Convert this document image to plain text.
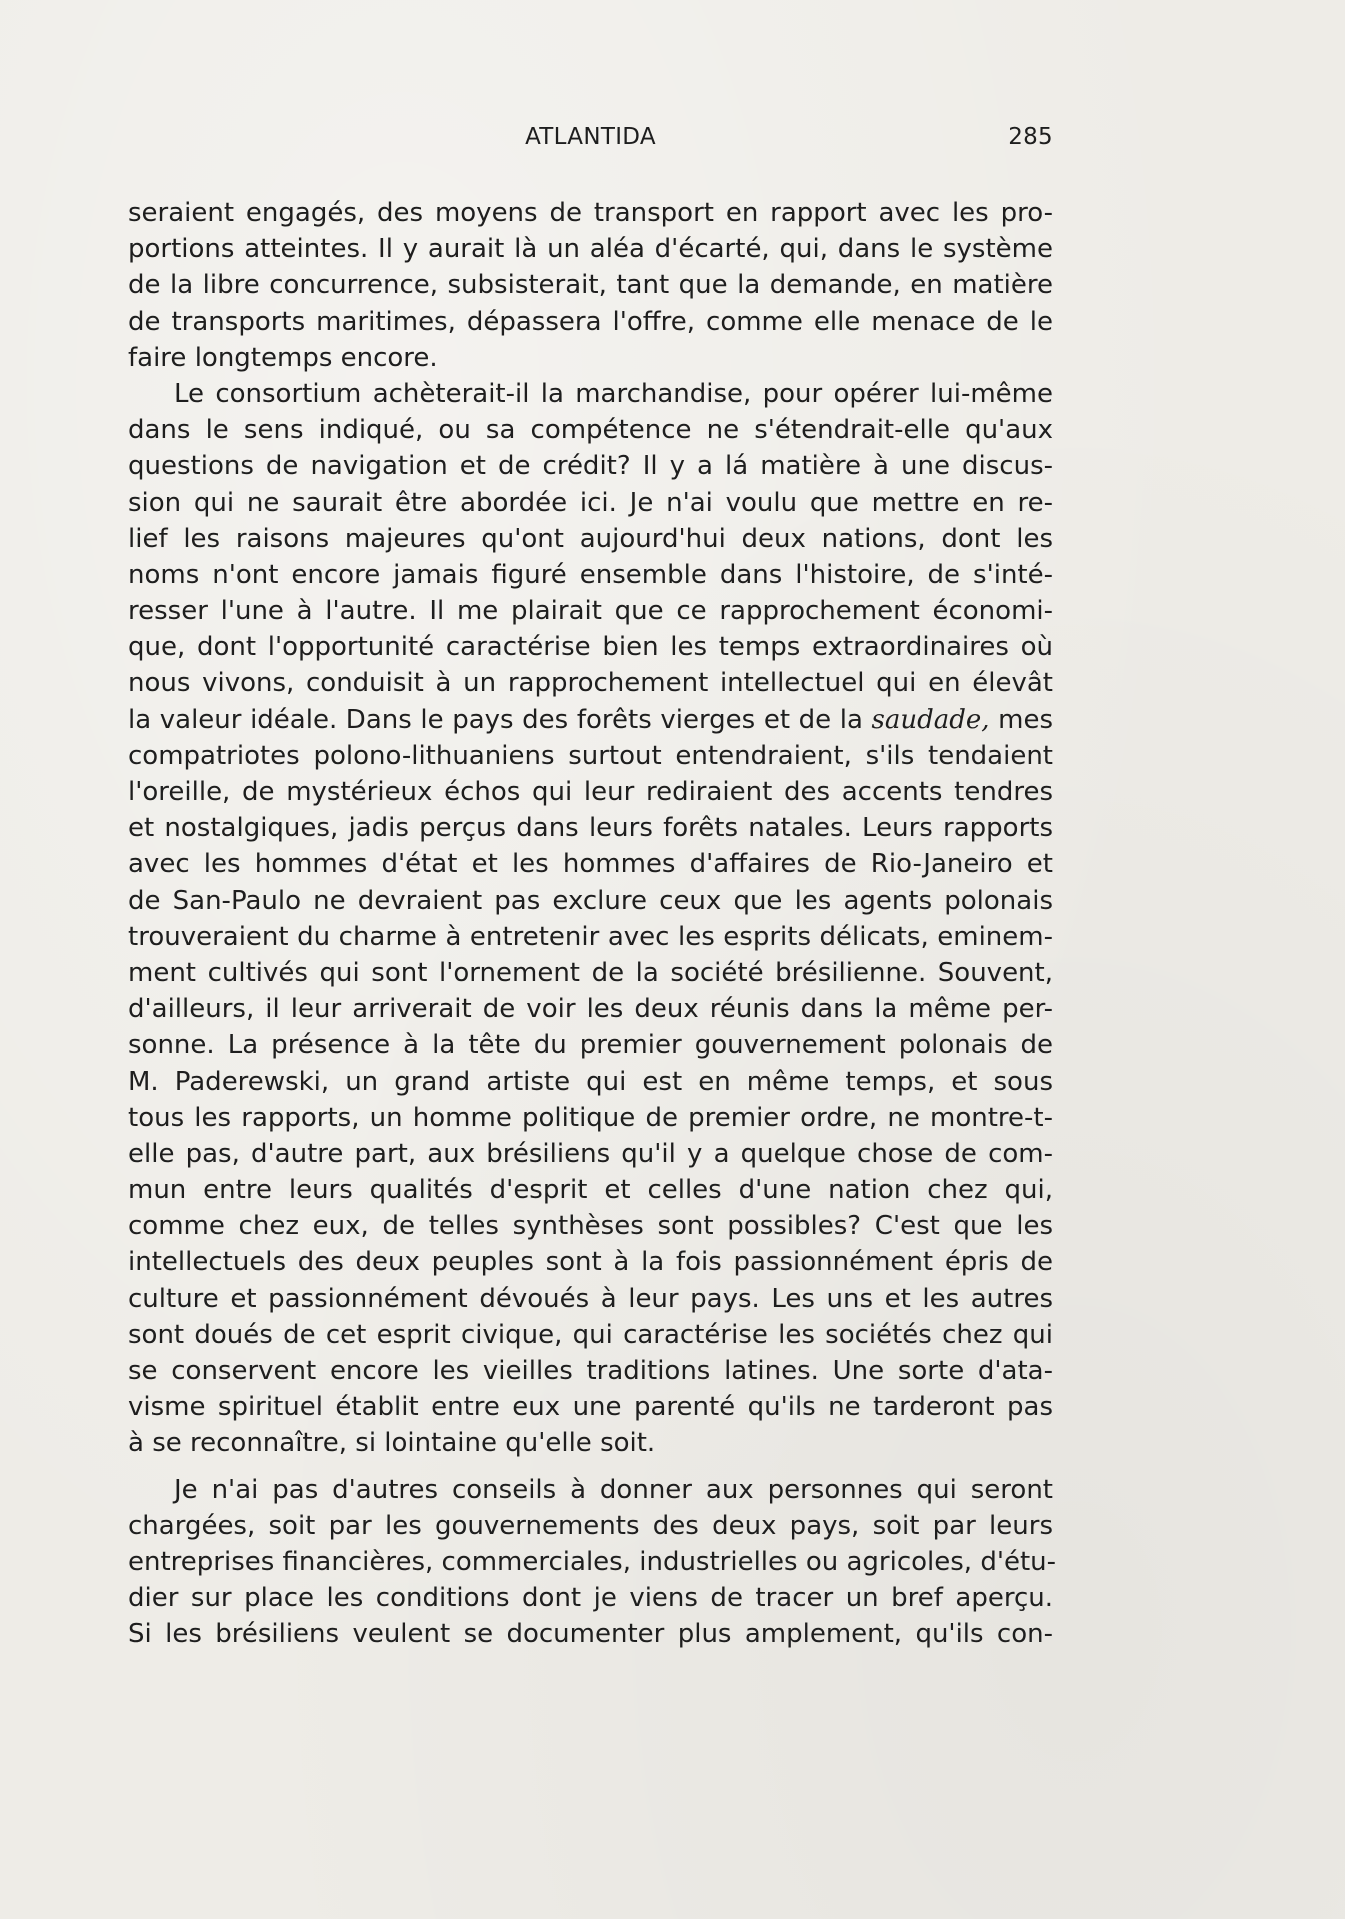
ATLANTIDA	285
seraient engagés, des moyens de transport en rapport avec les pro-
portions atteintes. Il y aurait là un aléa d'écarté, qui, dans le système
de la libre concurrence, subsisterait, tant que la demande, en matière
de transports maritimes, dépassera l'offre, comme elle menace de le
faire longtemps encore.
Le consortium achèterait-il la marchandise, pour opérer lui-même
dans le sens indiqué, ou sa compétence ne s'étendrait-elle qu'aux
questions de navigation et de crédit? Il y a lá matière à une discus-
sion qui ne saurait être abordée ici. Je n'ai voulu que mettre en re-
lief les raisons majeures qu'ont aujourd'hui deux nations, dont les
noms n'ont encore jamais figuré ensemble dans l'histoire, de s'inté-
resser l'une à l'autre. Il me plairait que ce rapprochement économi-
que, dont l'opportunité caractérise bien les temps extraordinaires où
nous vivons, conduisit à un rapprochement intellectuel qui en élevât
la valeur idéale. Dans le pays des forêts vierges et de la saudade, mes
compatriotes polono-lithuaniens surtout entendraient, s'ils tendaient
l'oreille, de mystérieux échos qui leur rediraient des accents tendres
et nostalgiques, jadis perçus dans leurs forêts natales. Leurs rapports
avec les hommes d'état et les hommes d'affaires de Rio-Janeiro et
de San-Paulo ne devraient pas exclure ceux que les agents polonais
trouveraient du charme à entretenir avec les esprits délicats, eminem-
ment cultivés qui sont l'ornement de la société brésilienne. Souvent,
d'ailleurs, il leur arriverait de voir les deux réunis dans la même per-
sonne. La présence à la tête du premier gouvernement polonais de
M. Paderewski, un grand artiste qui est en même temps, et sous
tous les rapports, un homme politique de premier ordre, ne montre-t-
elle pas, d'autre part, aux brésiliens qu'il y a quelque chose de com-
mun entre leurs qualités d'esprit et celles d'une nation chez qui,
comme chez eux, de telles synthèses sont possibles? C'est que les
intellectuels des deux peuples sont à la fois passionnément épris de
culture et passionnément dévoués à leur pays. Les uns et les autres
sont doués de cet esprit civique, qui caractérise les sociétés chez qui
se conservent encore les vieilles traditions latines. Une sorte d'ata-
visme spirituel établit entre eux une parenté qu'ils ne tarderont pas
à se reconnaître, si lointaine qu'elle soit.
Je n'ai pas d'autres conseils à donner aux personnes qui seront
chargées, soit par les gouvernements des deux pays, soit par leurs
entreprises financières, commerciales, industrielles ou agricoles, d'étu-
dier sur place les conditions dont je viens de tracer un bref aperçu.
Si les brésiliens veulent se documenter plus amplement, qu'ils con-
